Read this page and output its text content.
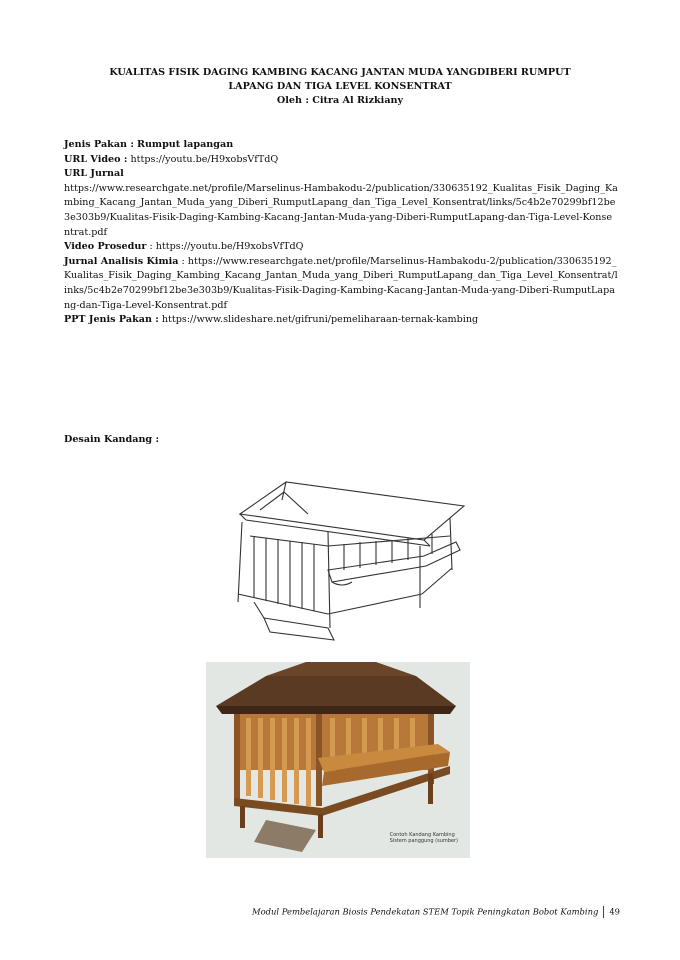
KUALITAS FISIK DAGING KAMBING KACANG JANTAN MUDA YANGDIBERI RUMPUT
LAPANG DAN TIGA LEVEL KONSENTRAT
Oleh : Citra Al Rizkiany
Jenis Pakan : Rumput lapangan
URL Video : https://youtu.be/H9xobsVfTdQ
URL Jurnal
https://www.researchgate.net/profile/Marselinus-Hambakodu-2/publication/330635192_Kualitas_Fisik_Daging_Kambing_Kacang_Jantan_Muda_yang_Diberi_RumputLapang_dan_Tiga_Level_Konsentrat/links/5c4b2e70299bf12be3e303b9/Kualitas-Fisik-Daging-Kambing-Kacang-Jantan-Muda-yang-Diberi-RumputLapang-dan-Tiga-Level-Konsentrat.pdf
Video Prosedur : https://youtu.be/H9xobsVfTdQ
Jurnal Analisis Kimia : https://www.researchgate.net/profile/Marselinus-Hambakodu-2/publication/330635192_Kualitas_Fisik_Daging_Kambing_Kacang_Jantan_Muda_yang_Diberi_RumputLapang_dan_Tiga_Level_Konsentrat/links/5c4b2e70299bf12be3e303b9/Kualitas-Fisik-Daging-Kambing-Kacang-Jantan-Muda-yang-Diberi-RumputLapang-dan-Tiga-Level-Konsentrat.pdf
PPT Jenis Pakan : https://www.slideshare.net/gifruni/pemeliharaan-ternak-kambing
Desain Kandang :
Contoh Kandang Kambing
Sistem panggung (sumber)
Modul Pembelajaran Biosis Pendekatan STEM Topik Peningkatan Bobot Kambing 49
